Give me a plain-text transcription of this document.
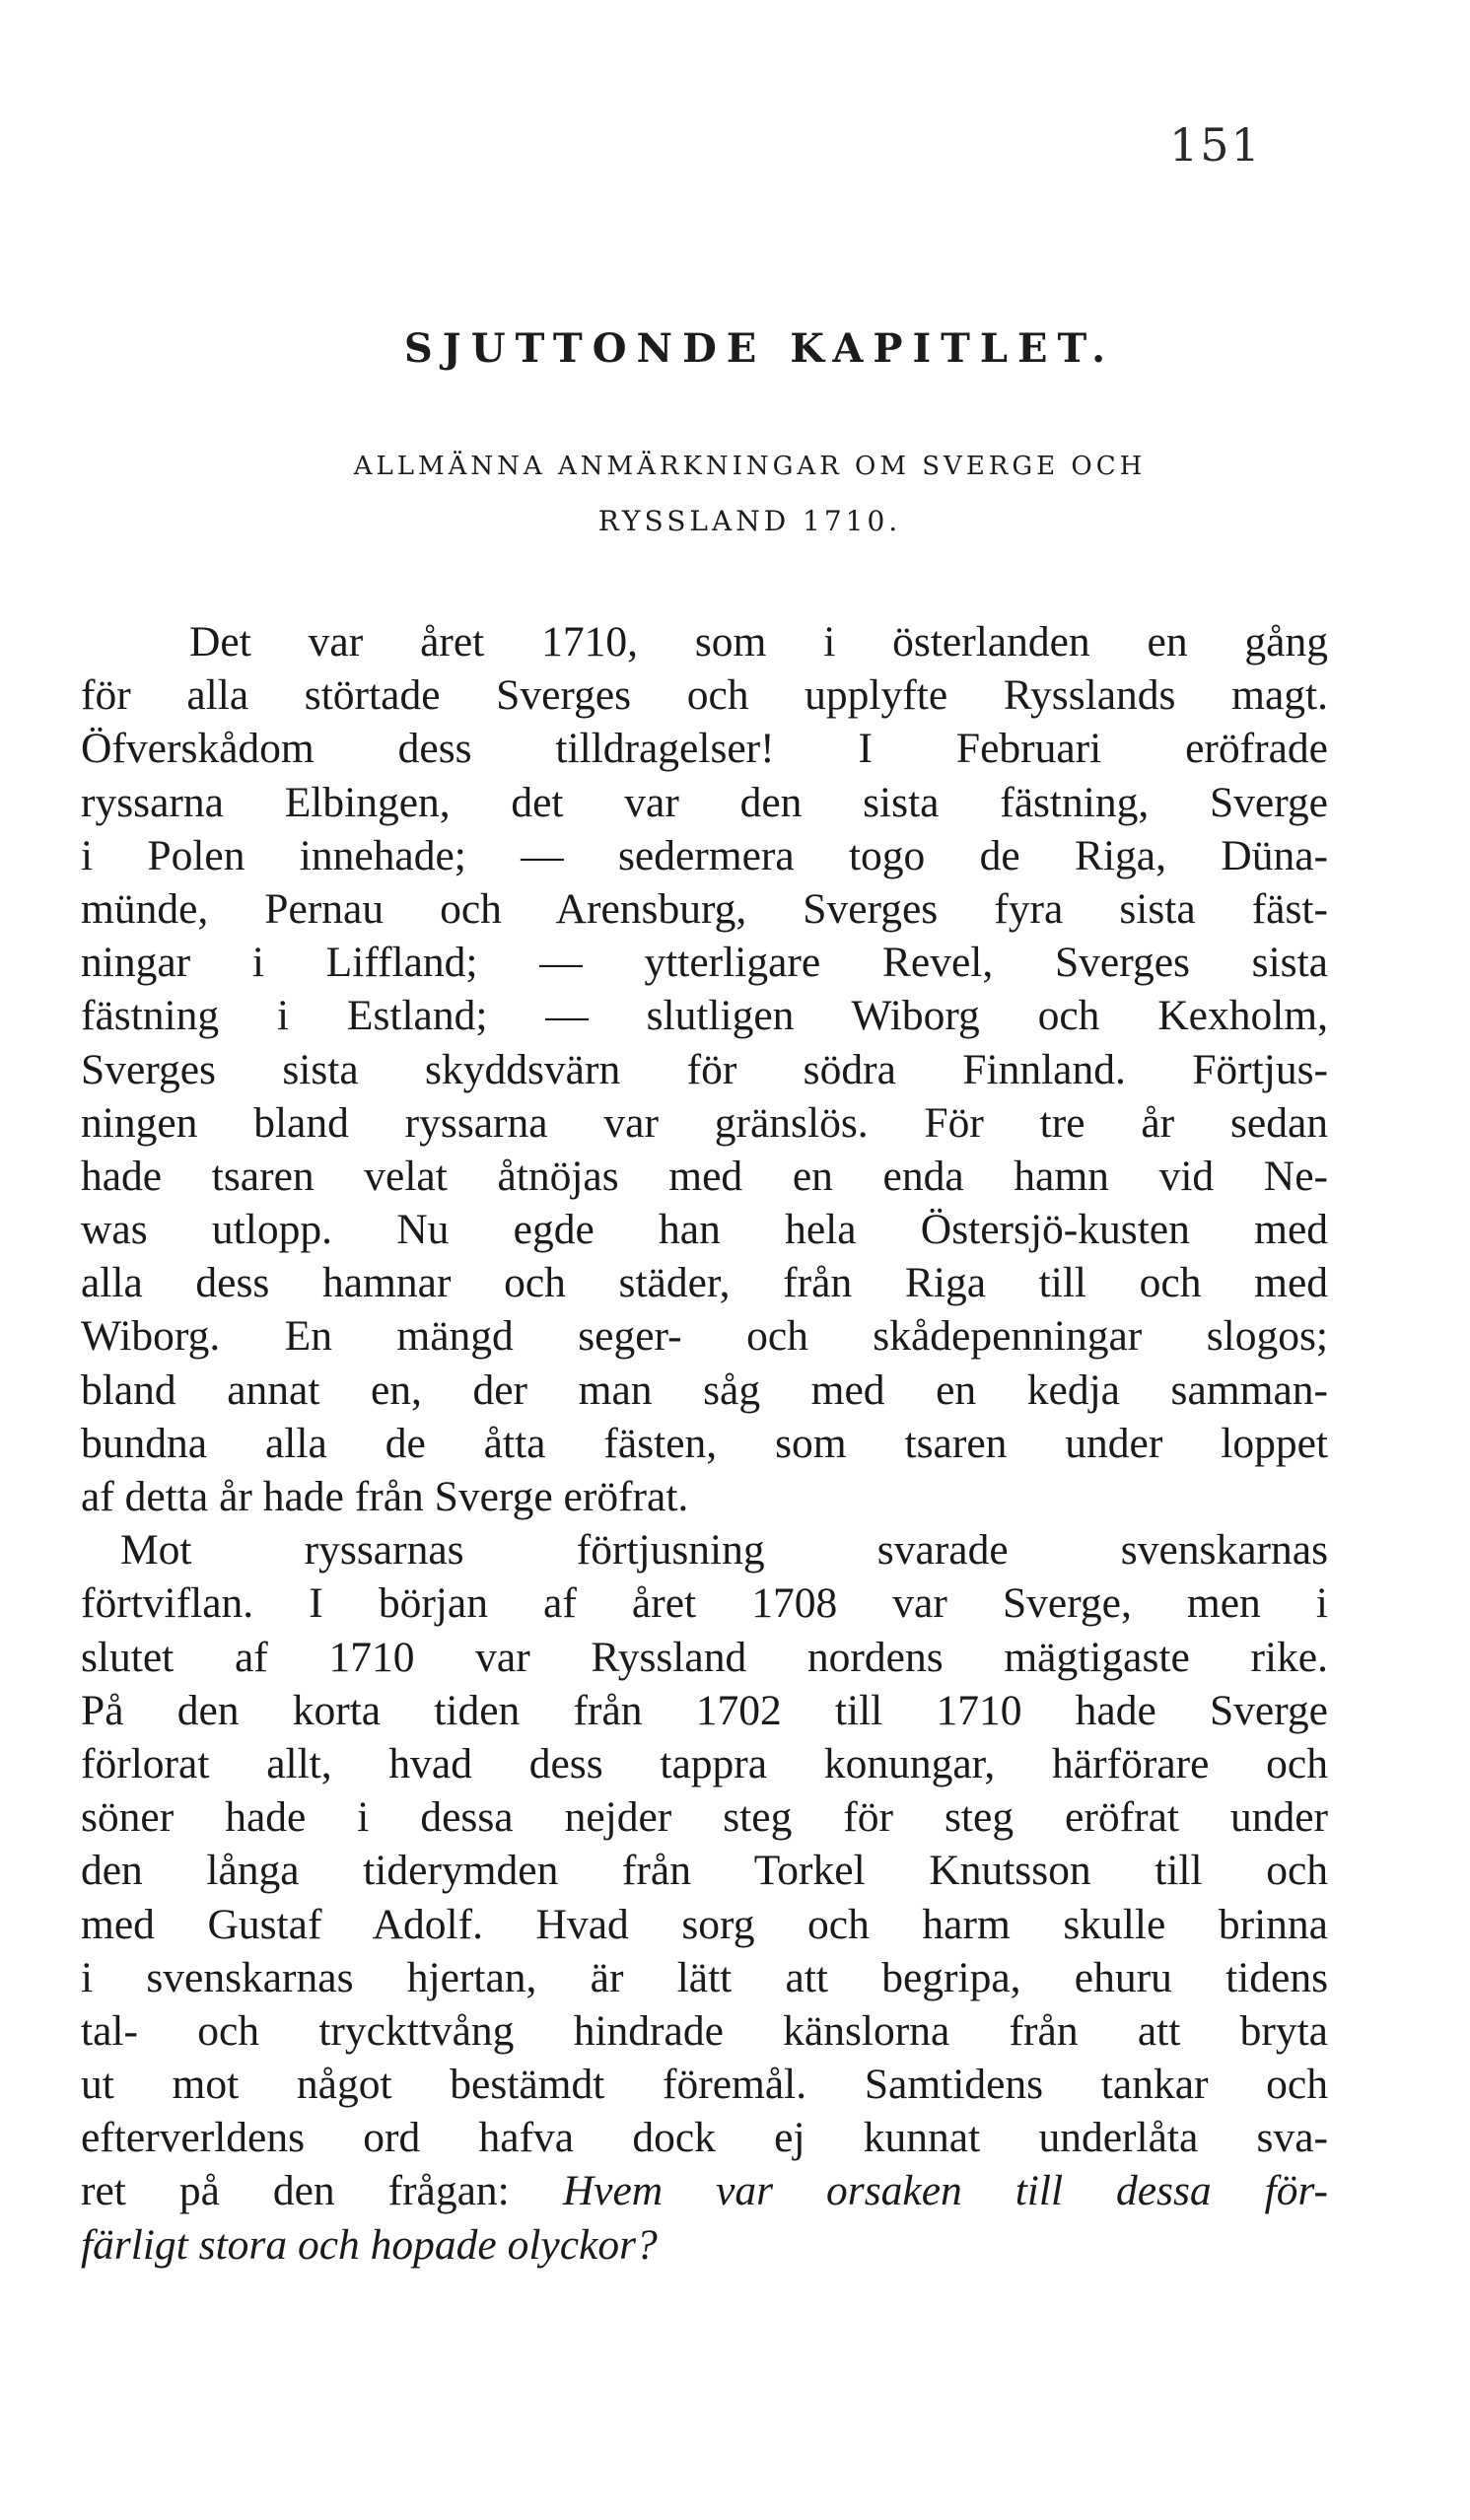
151
SJUTTONDE KAPITLET.
ALLMÄNNA ANMÄRKNINGAR OM SVERGE OCH
RYSSLAND 1710.
Det var året 1710, som i österlanden en gång
för alla störtade Sverges och upplyfte Rysslands magt.
Öfverskådom dess tilldragelser! I Februari eröfrade
ryssarna Elbingen, det var den sista fästning, Sverge
i Polen innehade; — sedermera togo de Riga, Düna-
münde, Pernau och Arensburg, Sverges fyra sista fäst-
ningar i Liffland; — ytterligare Revel, Sverges sista
fästning i Estland; — slutligen Wiborg och Kexholm,
Sverges sista skyddsvärn för södra Finnland. Förtjus-
ningen bland ryssarna var gränslös. För tre år sedan
hade tsaren velat åtnöjas med en enda hamn vid Ne-
was utlopp. Nu egde han hela Östersjö-kusten med
alla dess hamnar och städer, från Riga till och med
Wiborg. En mängd seger- och skådepenningar slogos;
bland annat en, der man såg med en kedja samman-
bundna alla de åtta fästen, som tsaren under loppet
af detta år hade från Sverge eröfrat.
Mot ryssarnas förtjusning svarade svenskarnas
förtviflan. I början af året 1708 var Sverge, men i
slutet af 1710 var Ryssland nordens mägtigaste rike.
På den korta tiden från 1702 till 1710 hade Sverge
förlorat allt, hvad dess tappra konungar, härförare och
söner hade i dessa nejder steg för steg eröfrat under
den långa tiderymden från Torkel Knutsson till och
med Gustaf Adolf. Hvad sorg och harm skulle brinna
i svenskarnas hjertan, är lätt att begripa, ehuru tidens
tal- och tryckttvång hindrade känslorna från att bryta
ut mot något bestämdt föremål. Samtidens tankar och
efterverldens ord hafva dock ej kunnat underlåta sva-
ret på den frågan: Hvem var orsaken till dessa för-
färligt stora och hopade olyckor?
